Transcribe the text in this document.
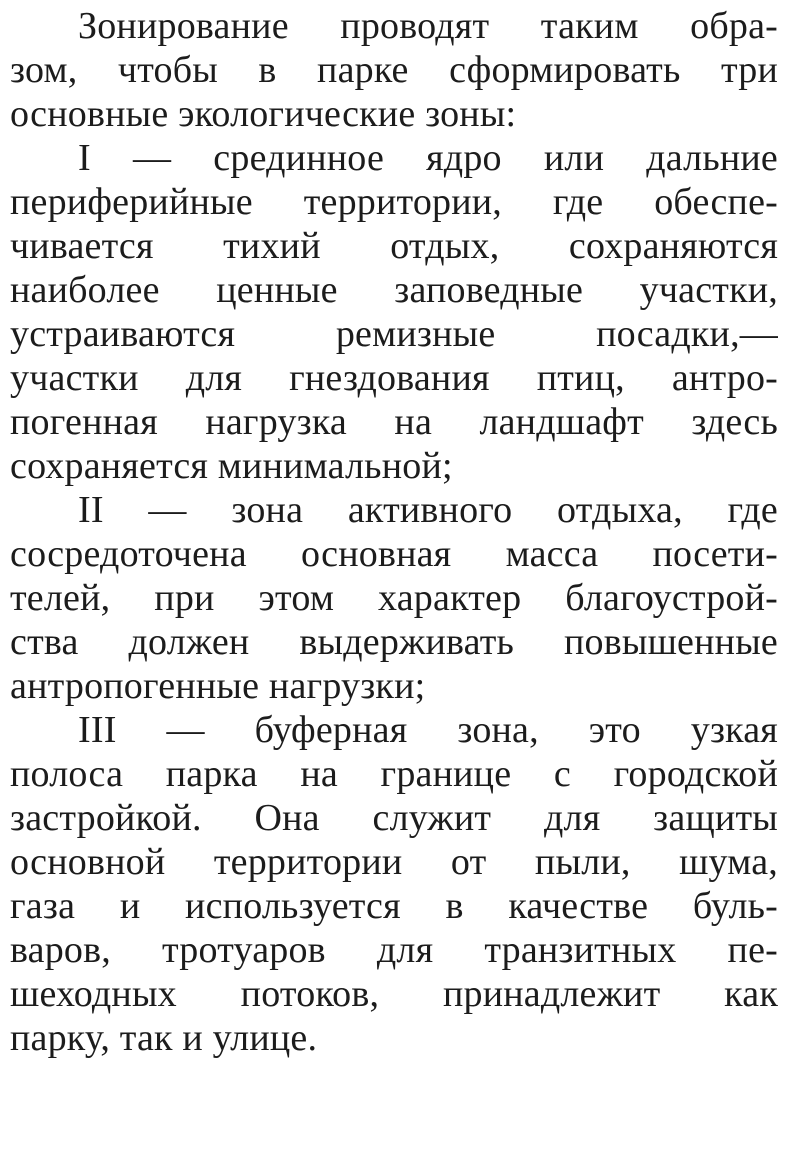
Зонирование проводят таким обра-
зом, чтобы в парке сформировать три
основные экологические зоны:
I — срединное ядро или дальние
периферийные территории, где обеспе-
чивается тихий отдых, сохраняются
наиболее ценные заповедные участки,
устраиваются ремизные посадки,—
участки для гнездования птиц, антро-
погенная нагрузка на ландшафт здесь
сохраняется минимальной;
II — зона активного отдыха, где
сосредоточена основная масса посети-
телей, при этом характер благоустрой-
ства должен выдерживать повышенные
антропогенные нагрузки;
III — буферная зона, это узкая
полоса парка на границе с городской
застройкой. Она служит для защиты
основной территории от пыли, шума,
газа и используется в качестве буль-
варов, тротуаров для транзитных пе-
шеходных потоков, принадлежит как
парку, так и улице.
